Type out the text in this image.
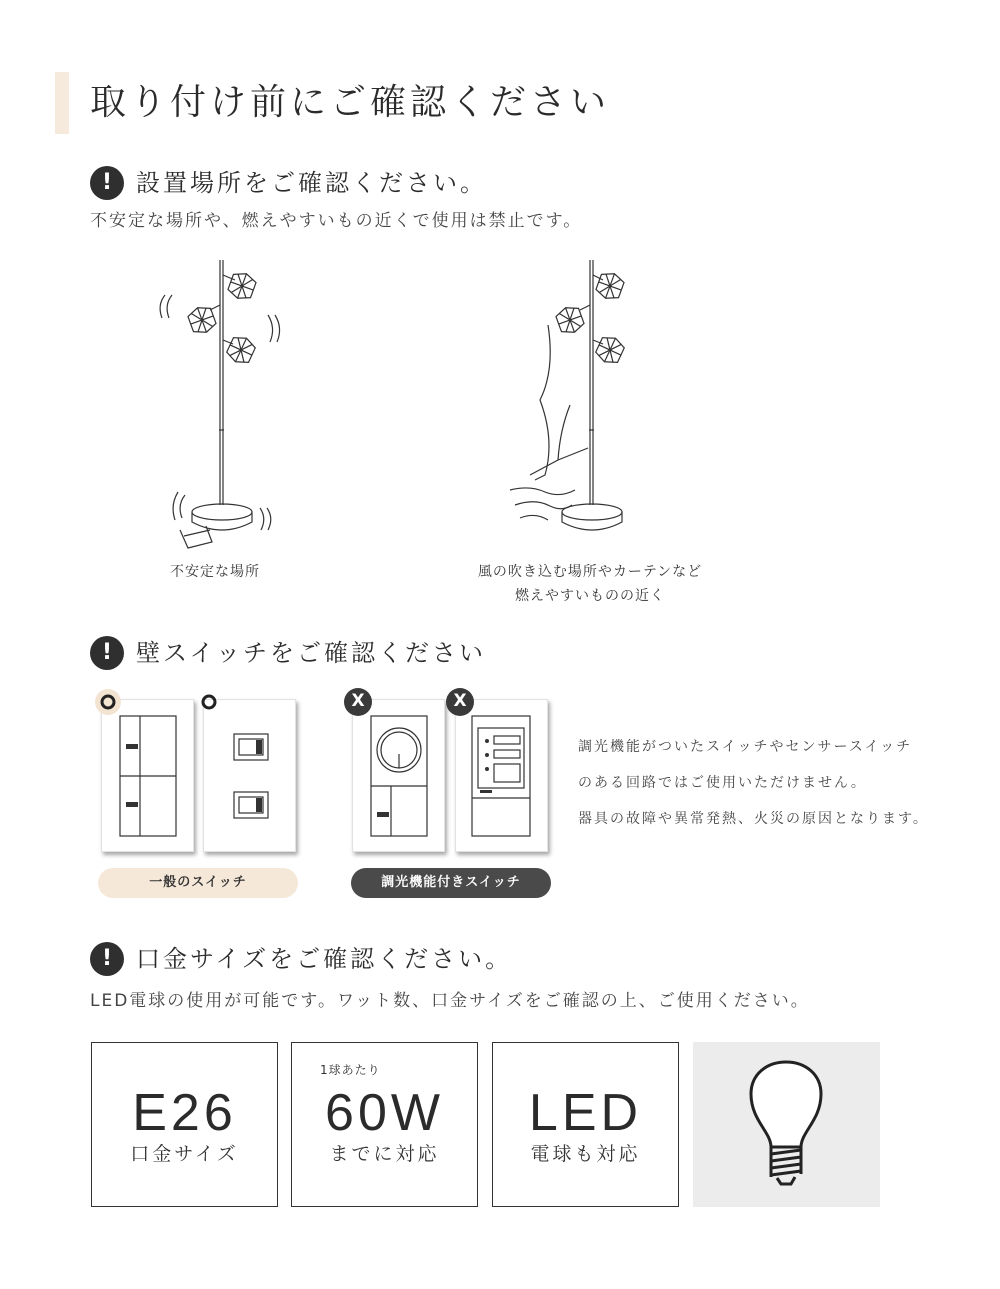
取り付け前にご確認ください
! 設置場所をご確認ください。
不安定な場所や、燃えやすいもの近くで使用は禁止です。
不安定な場所	風の吹き込む場所やカーテンなど
燃えやすいものの近く
! 壁スイッチをご確認ください
X	X
一般のスイッチ	調光機能付きスイッチ
調光機能がついたスイッチやセンサースイッチ
のある回路ではご使用いただけません。
器具の故障や異常発熱、火災の原因となります。
! 口金サイズをご確認ください。
LED電球の使用が可能です。ワット数、口金サイズをご確認の上、ご使用ください。
E26
口金サイズ
1球あたり
60W
までに対応
LED
電球も対応
